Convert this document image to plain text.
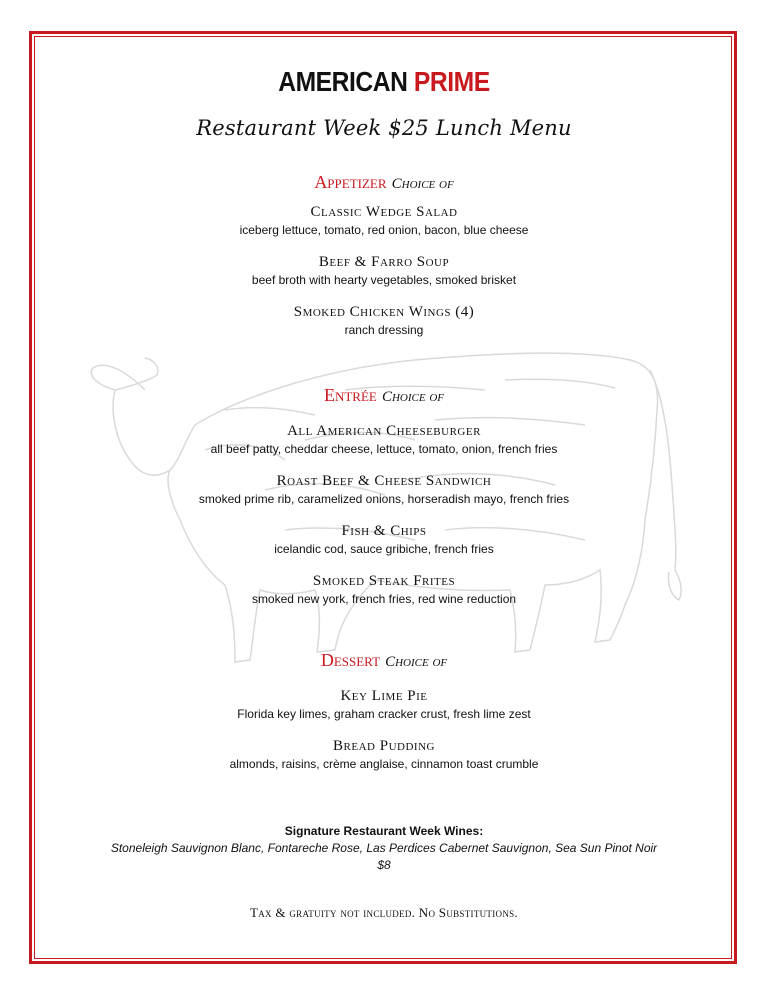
AMERICAN PRIME
Restaurant Week $25 Lunch Menu
Appetizer Choice of
Classic Wedge Salad
iceberg lettuce, tomato, red onion, bacon, blue cheese
Beef & Farro Soup
beef broth with hearty vegetables, smoked brisket
Smoked Chicken Wings (4)
ranch dressing
Entrée Choice of
All American Cheeseburger
all beef patty, cheddar cheese, lettuce, tomato, onion, french fries
Roast Beef & Cheese Sandwich
smoked prime rib, caramelized onions, horseradish mayo, french fries
Fish & Chips
icelandic cod, sauce gribiche, french fries
Smoked Steak Frites
smoked new york, french fries, red wine reduction
Dessert Choice of
Key Lime Pie
Florida key limes, graham cracker crust, fresh lime zest
Bread Pudding
almonds, raisins, crème anglaise, cinnamon toast crumble
Signature Restaurant Week Wines:
Stoneleigh Sauvignon Blanc, Fontareche Rose, Las Perdices Cabernet Sauvignon, Sea Sun Pinot Noir
$8
Tax & gratuity not included. No Substitutions.
